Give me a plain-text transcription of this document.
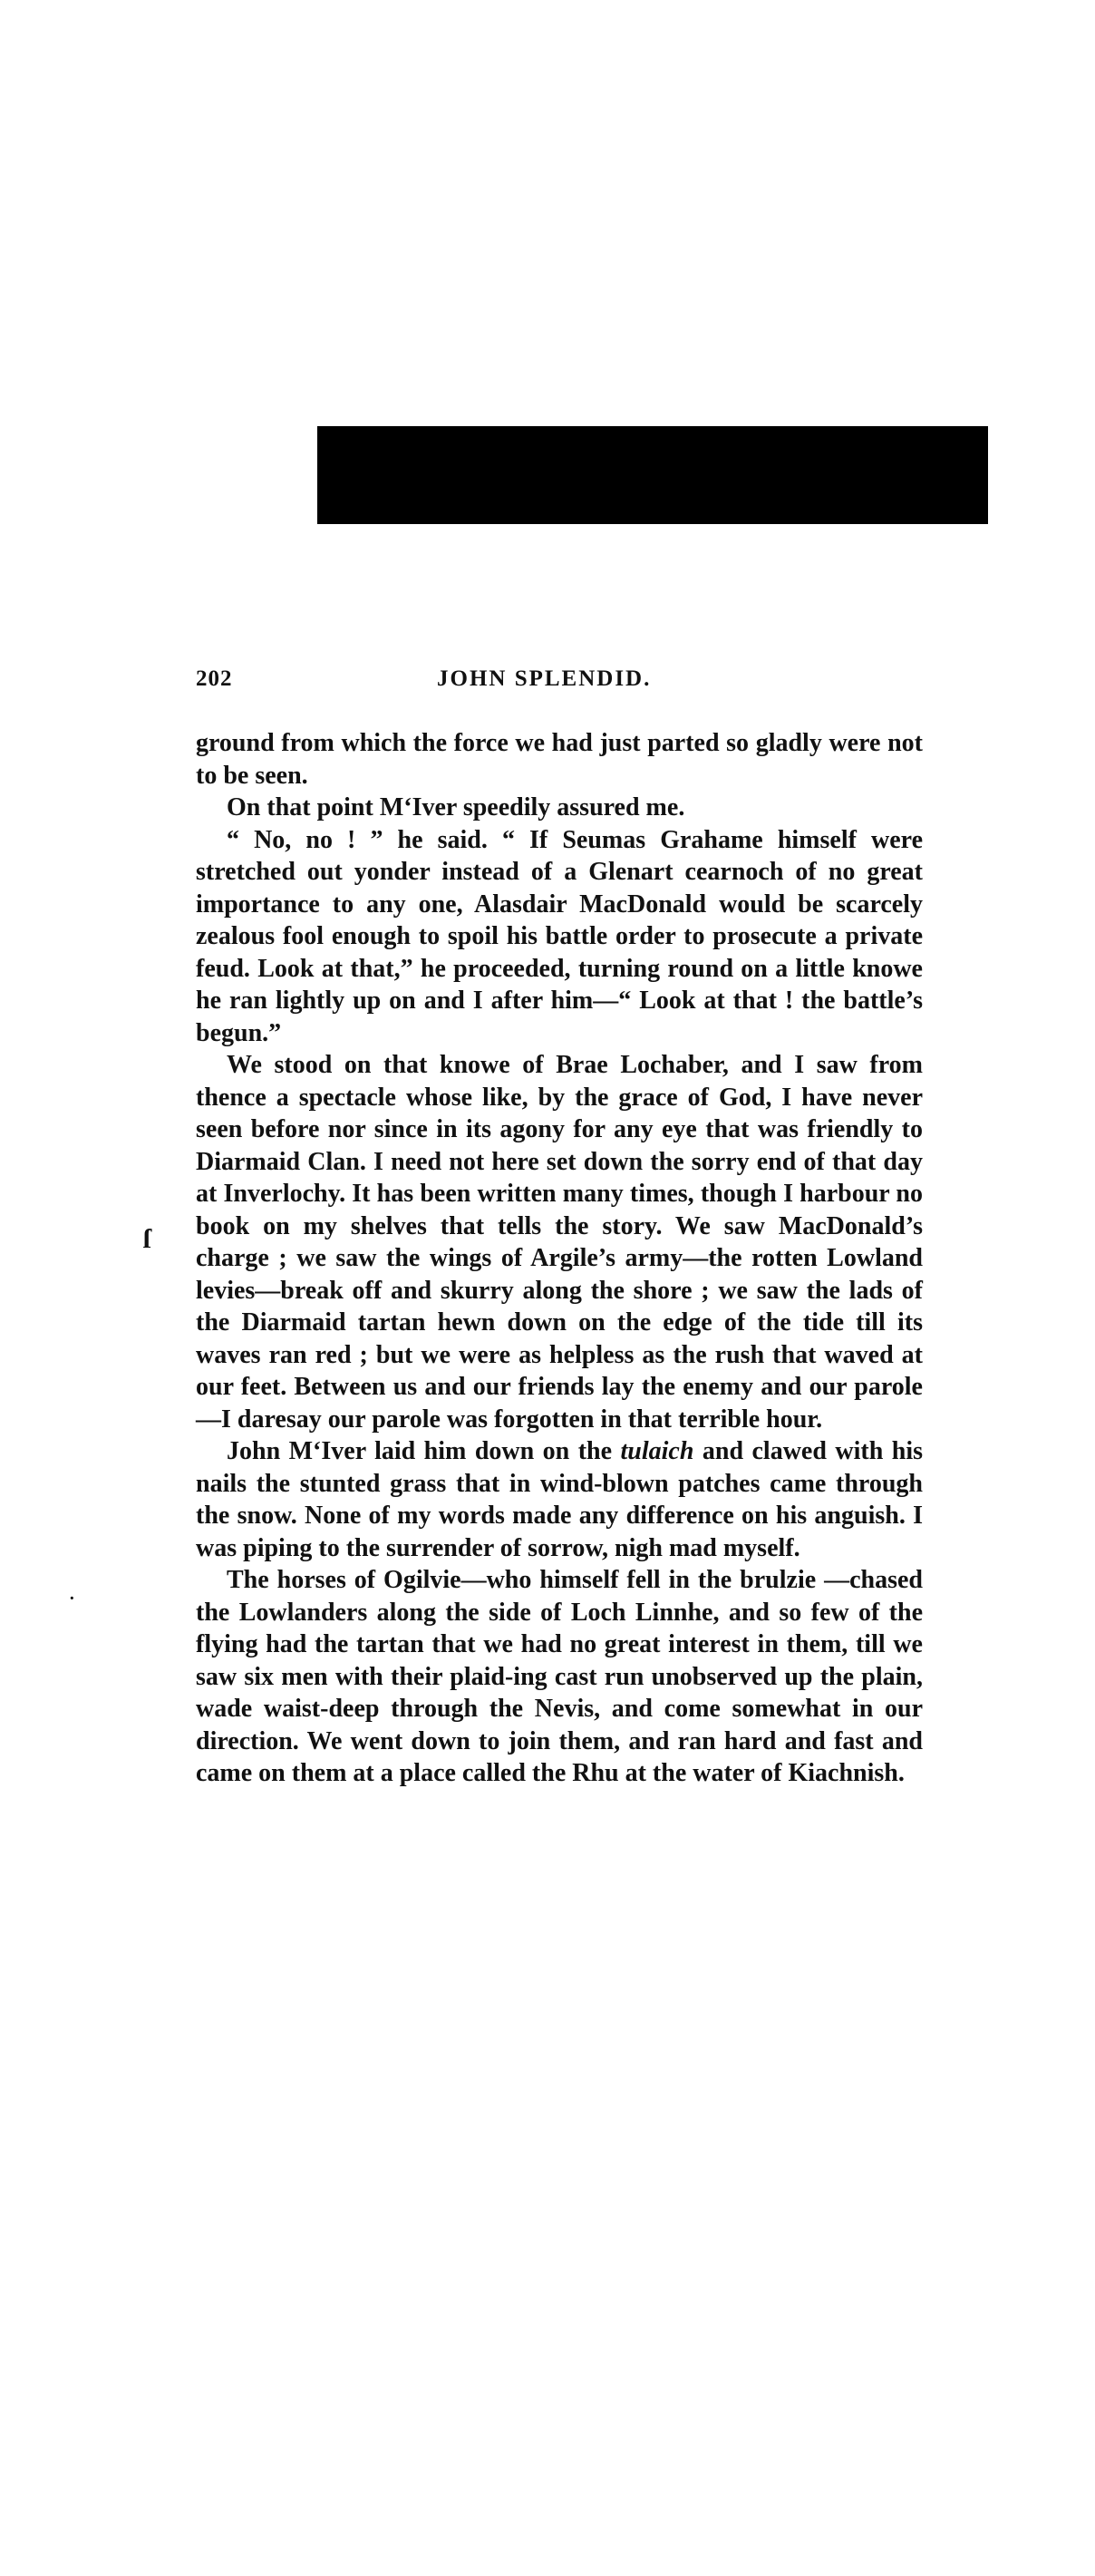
202	JOHN SPLENDID.

ground from which the force we had just parted so gladly were not to be seen.

On that point M‘Iver speedily assured me.

“ No, no ! ” he said. “ If Seumas Grahame himself were stretched out yonder instead of a Glenart cearnoch of no great importance to any one, Alasdair MacDonald would be scarcely zealous fool enough to spoil his battle order to prosecute a private feud. Look at that,” he proceeded, turning round on a little knowe he ran lightly up on and I after him—“ Look at that ! the battle’s begun.”

We stood on that knowe of Brae Lochaber, and I saw from thence a spectacle whose like, by the grace of God, I have never seen before nor since in its agony for any eye that was friendly to Diarmaid Clan. I need not here set down the sorry end of that day at Inverlochy. It has been written many times, though I harbour no book on my shelves that tells the story. We saw MacDonald’s charge ; we saw the wings of Argile’s army—the rotten Lowland levies—break off and skurry along the shore ; we saw the lads of the Diarmaid tartan hewn down on the edge of the tide till its waves ran red ; but we were as helpless as the rush that waved at our feet. Between us and our friends lay the enemy and our parole—I daresay our parole was forgotten in that terrible hour.

John M‘Iver laid him down on the tulaich and clawed with his nails the stunted grass that in wind-blown patches came through the snow. None of my words made any difference on his anguish. I was piping to the surrender of sorrow, nigh mad myself.

The horses of Ogilvie—who himself fell in the brulzie —chased the Lowlanders along the side of Loch Linnhe, and so few of the flying had the tartan that we had no great interest in them, till we saw six men with their plaid-ing cast run unobserved up the plain, wade waist-deep through the Nevis, and come somewhat in our direction. We went down to join them, and ran hard and fast and came on them at a place called the Rhu at the water of Kiachnish.

ſ
·
